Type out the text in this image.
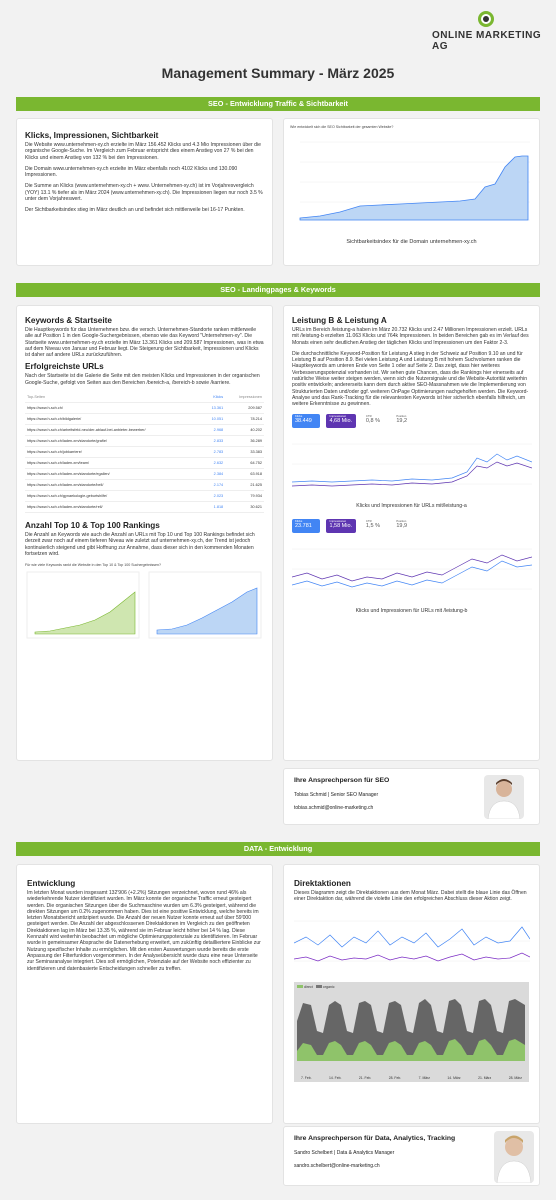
ONLINE MARKETING AG
Management Summary - März 2025
SEO - Entwicklung Traffic & Sichtbarkeit
Klicks, Impressionen, Sichtbarkeit

Die Website www.unternehmen-xy.ch erzielte im März 156.452 Klicks und 4.3 Mio Impressionen über die organische Google-Suche. Im Vergleich zum Februar entspricht dies einem Anstieg von 27 % bei den Klicks und einem Anstieg von 132 % bei den Impressionen.

Die Domain www.unternehmen-xy.ch erzielte im März ebenfalls noch 4102 Klicks und 130.090 Impressionen.

Die Summe an Klicks (www.unternehmen-xy.ch + www. Unternehmen-xy.ch) ist im Vorjahresvergleich (YOY) 13.1 % tiefer als im März 2024 (www.unternehmen-xy.ch). Die Impressionen liegen nur noch 3.5 % unter dem Vorjahreswert.

Der Sichtbarkeitsindex stieg im März deutlich an und befindet sich mittlerweile bei 16-17 Punkten.

Wie entwickelt sich die SEO Sichtbarkeit der gesamten Website?
Sichtbarkeitsindex für die Domain unternehmen-xy.ch
SEO - Landingpages & Keywords
Keywords & Startseite
Die Hauptkeywords für das Unternehmen bzw. die versch. Unternehmen-Standorte ranken mittlerweile alle auf Position 1 in den Google-Suchergebnissen, ebenso wie das Keyword "Unternehmen-xy". Die Startseite www.unternehmen-xy.ch erzielte im März 13.361 Klicks und 209.587 Impressionen, was in etwa auf dem Niveau von Januar und Februar liegt. Die Steigerung der Sichtbarkeit, Impressionen und Klicks ist daher auf andere URLs zurückzuführen.
Erfolgreichste URLs
Nach der Startseite ist die Galerie die Seite mit den meisten Klicks und Impressionen in der organischen Google-Suche, gefolgt von Seiten aus den Bereichen /bereich-a, /bereich-b sowie /karriere.
Top-Seiten	Klicks	Impressionen
https://www.h-sch.ch/	13.361	209.587
https://www.h-sch.ch/bildgalerie/	10.051	78.214
https://www.h-sch.ch/arbeitsfeld-neu/der-ablauf-bei-anbieter-bewerber/	2.968	40.202
https://www.h-sch.ch/laden-xm/standorte/grafie/	2.833	36.289
https://www.h-sch.ch/jobkarriere/	2.783	33.383
https://www.h-sch.ch/laden-xm/team/	2.632	64.752
https://www.h-sch.ch/laden-xm/standorte/egallen/	2.384	63.918
https://www.h-sch.ch/laden-xm/standorte/bell/	2.174	21.625
https://www.h-sch.ch/gynaekologie-geburtshilfe/	2.023	79.934
https://www.h-sch.ch/laden-xm/standorte/rell/	1.818	30.621
Anzahl Top 10 & Top 100 Rankings
Die Anzahl an Keywords wie auch die Anzahl an URLs mit Top 10 und Top 100 Rankings befindet sich derzeit zwar noch auf einem tieferen Niveau wie zuletzt auf unternehmen-xy.ch, der Trend ist jedoch kontinuierlich steigend und gibt Hoffnung zur Annahme, dass dieser sich in den kommenden Monaten fortsetzen wird.
Für wie viele Keywords rankt die Website in den Top 10 & Top 100 Suchergebnissen?
Leistung B & Leistung A

URLs im Bereich /leistung-a haben im März 20.732 Klicks und 2.47 Millionen Impressionen erzielt. URLs mit /leistung-b erzielten 11.063 Klicks und 764k Impressionen. In beiden Bereichen gab es im Verlauf des Monats einen sehr deutlichen Anstieg der täglichen Klicks und Impressionen um den Faktor 2-3.

Die durchschnittliche Keyword-Position für Leistung A stieg in der Schweiz auf Position 9.10 an und für Leistung B auf Position 8.9. Bei vielen Leistung A und Leistung B mit hohem Suchvolumen ranken die Hauptkeywords am unteren Ende von Seite 1 oder auf Seite 2. Das zeigt, dass hier weiteres Verbesserungspotenzial vorhanden ist. Wir sehen gute Chancen, dass die Rankings hier einerseits auf natürliche Weise weiter steigen werden, wenn sich die Nutzersignale und die Website-Autorität weiterhin positiv entwickeln; andererseits kann dem durch aktive SEO-Massnahmen wie die Implementierung von Strukturierten Daten und/oder ggf. weiteren OnPage Optimierungen nachgeholfen werden. Die Keyword-Analyse und das Rank-Tracking für die relevantesten Keywords ist hier sicherlich ebenfalls hilfreich, um weitere Erkenntnisse zu gewinnen.

Klicks
38.449

Impressionen
4,68 Mio.

CTR
0,8 %

Position
19,2
Klicks und Impressionen für URLs mit/leistung-a
Klicks
23.781

Impressionen
1,58 Mio.

CTR
1,5 %

Position
19,9
Klicks und Impressionen für URLs mit /leistung-b
Ihre Ansprechperson für SEO
Tobias Schmid | Senior SEO Manager
tobias.schmid@online-marketing.ch
DATA - Entwicklung
Entwicklung
Im letzten Monat wurden insgesamt 132'906 (+2.2%) Sitzungen verzeichnet, wovon rund 46% als wiederkehrende Nutzer identifiziert wurden. Im März konnte der organische Traffic erneut gesteigert werden. Die organischen Sitzungen über die Suchmaschine wurden um 6.3% gesteigert, während die direkten Sitzungen um 0.2% zugenommen haben. Dies ist eine positive Entwicklung, welche bereits im letzten Monatsbericht antizipiert wurde. Die Anzahl der neuen Nutzer konnte erneut auf über 59'000 gesteigert werden. Die Anzahl der abgeschlossenen Direktaktionen im Vergleich zu den geöffneten Direktaktionen lag im März bei 13.35 %, während sie im Februar leicht höher bei 14 % lag. Diese Kennzahl wird weiterhin beobachtet um mögliche Optimierungspotenziale zu identifizieren. Im Februar wurde in gemeinsamer Absprache die Datenerhebung erweitert, um zukünftig detailliertere Einblicke zur Nutzung spezifischer Inhalte zu ermöglichen. Mit den ersten Auswertungen wurde bereits die erste Anpassung der Filterfunktion vorgenommen. In der Analyseübersicht wurde dazu eine neue Unterseite zur Seminaranalyse integriert. Dies soll ermöglichen, Potenziale auf der Website noch effizienter zu identifizieren und datenbasierte Entscheidungen schneller zu treffen.
Direktaktionen
Dieses Diagramm zeigt die Direktaktionen aus dem Monat März. Dabei stellt die blaue Linie das Öffnen einer Direktaktion dar, während die violette Linie den erfolgreichen Abschluss dieser Aktion zeigt.
direct	organic
7. Feb.	14. Feb.	21. Feb.	28. Feb.	7. März	14. März	21. März	28. März
Ihre Ansprechperson für Data, Analytics, Tracking
Sandro Schelbert | Data & Analytics Manager
sandro.schelbert@online-marketing.ch
